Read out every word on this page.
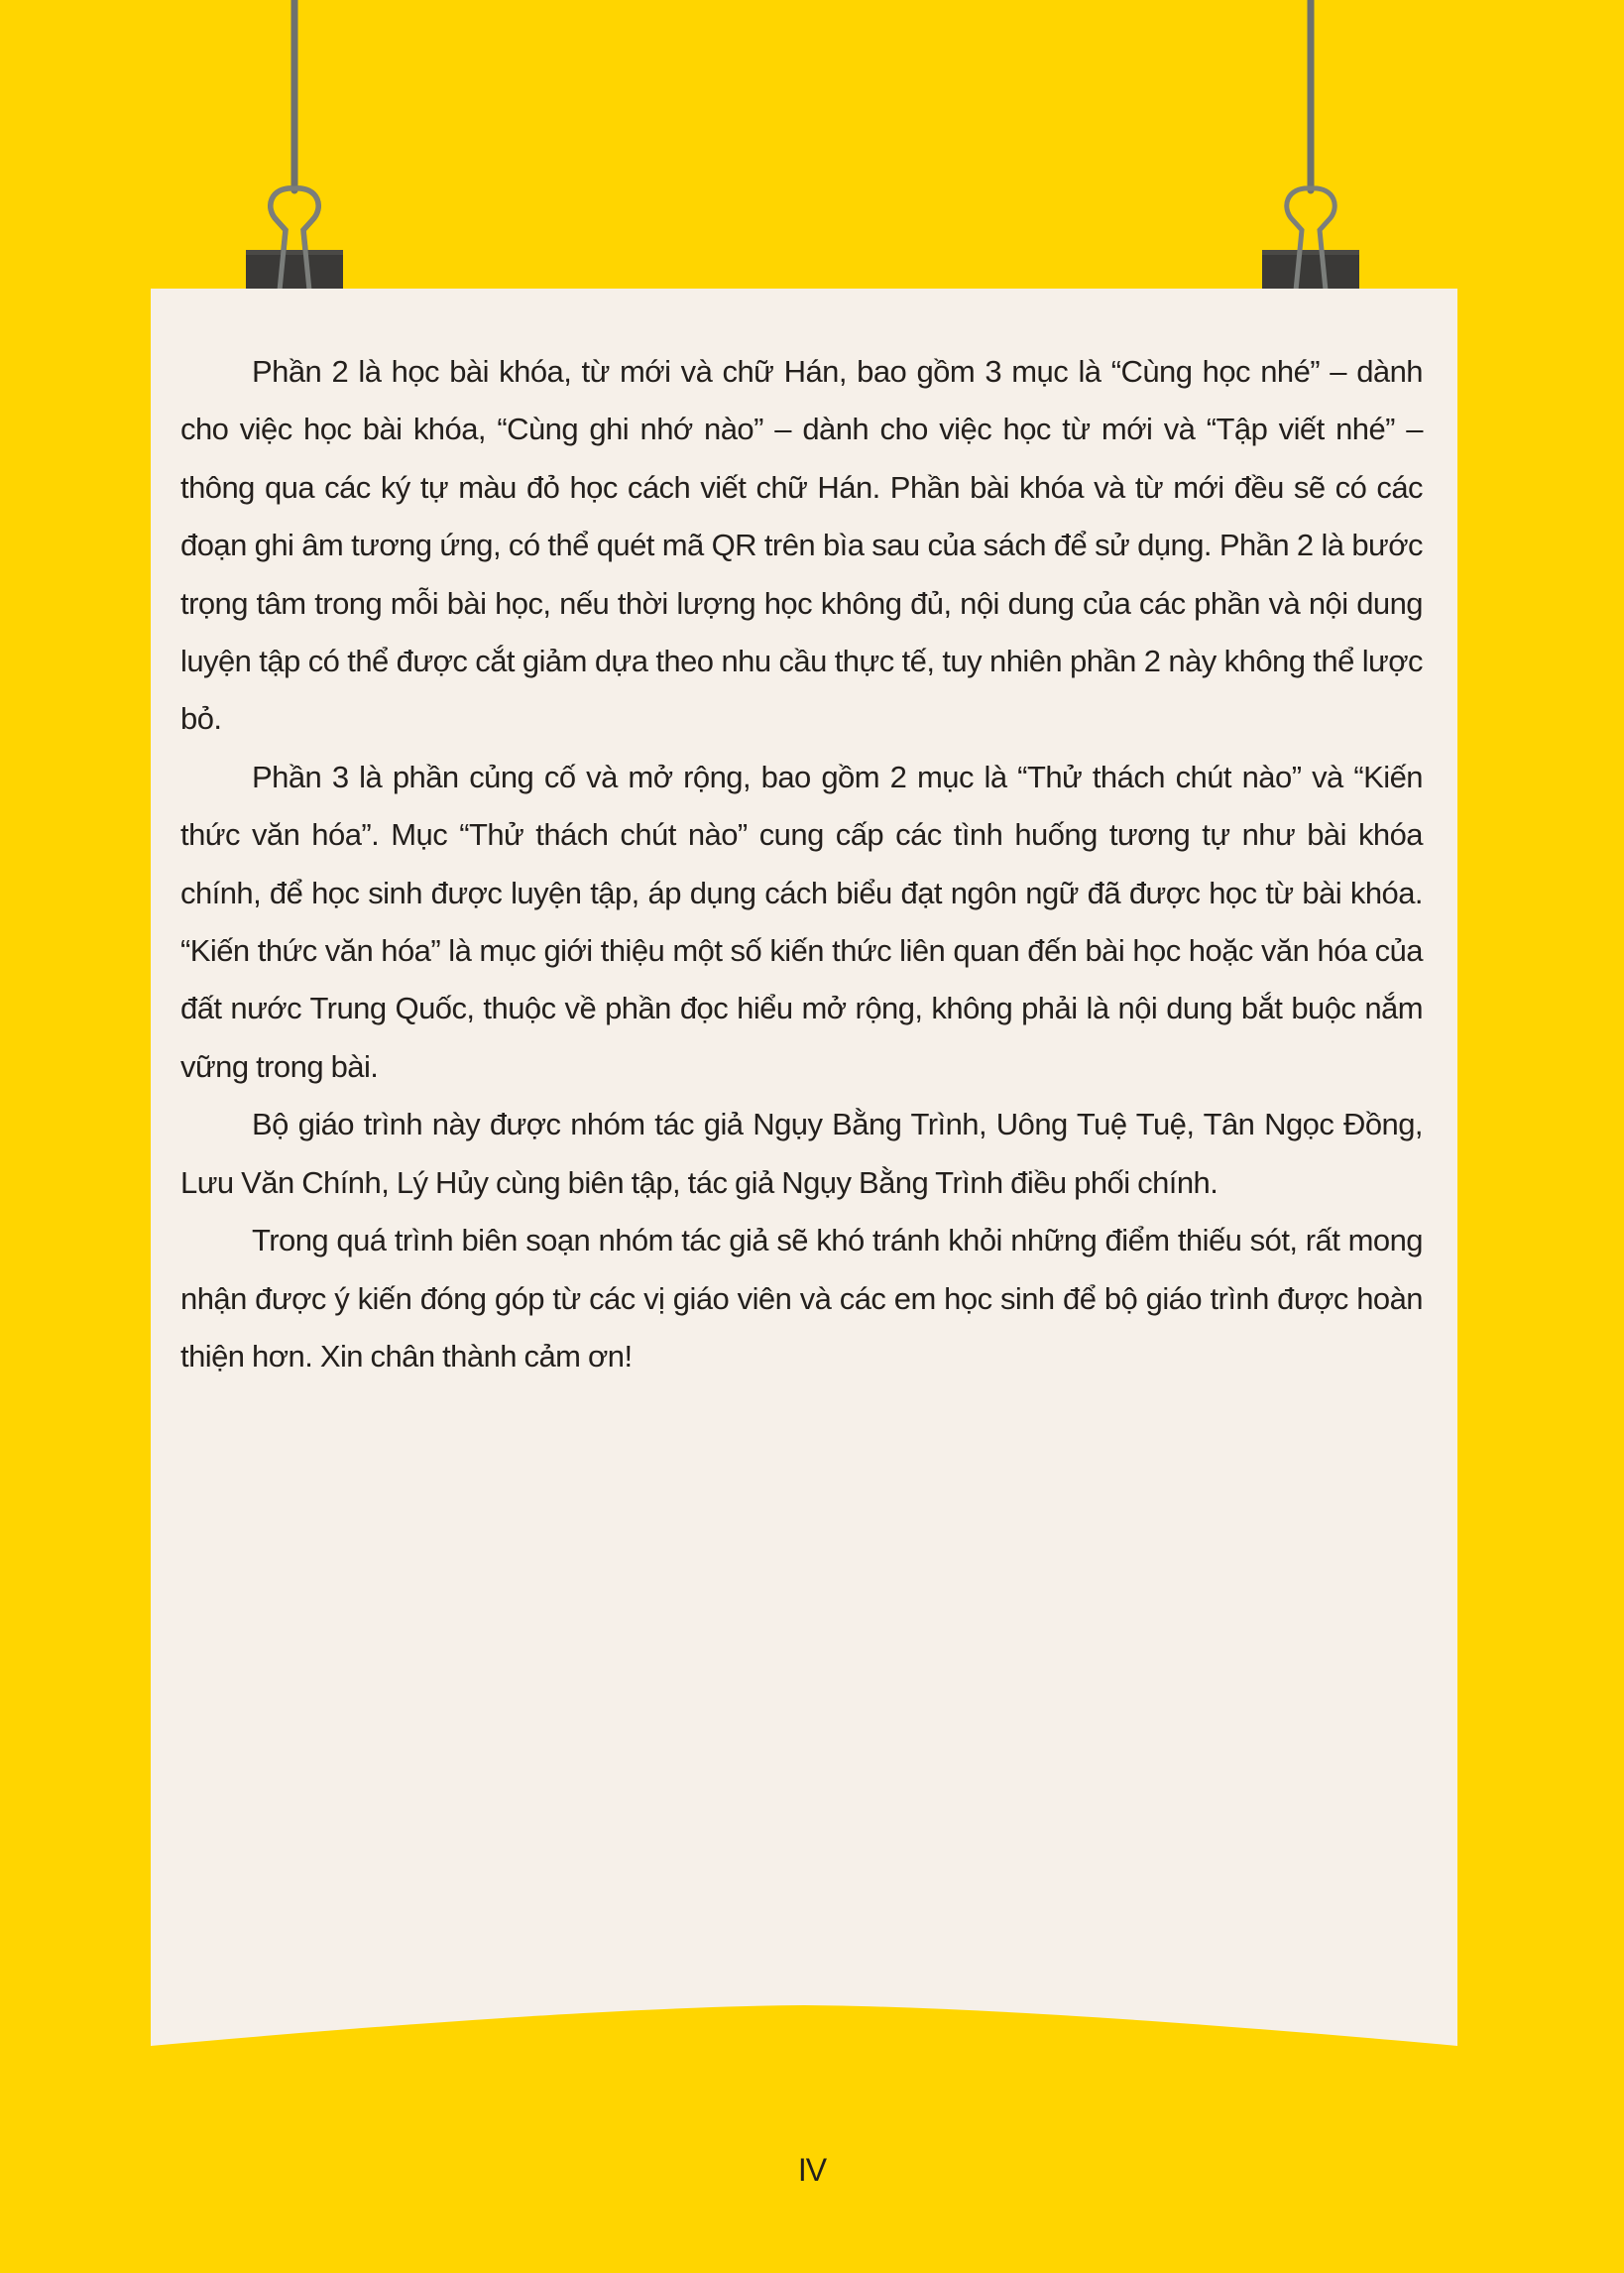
Phần 2 là học bài khóa, từ mới và chữ Hán, bao gồm 3 mục là “Cùng học nhé” – dành cho việc học bài khóa, “Cùng ghi nhớ nào” – dành cho việc học từ mới và “Tập viết nhé” – thông qua các ký tự màu đỏ học cách viết chữ Hán. Phần bài khóa và từ mới đều sẽ có các đoạn ghi âm tương ứng, có thể quét mã QR trên bìa sau của sách để sử dụng. Phần 2 là bước trọng tâm trong mỗi bài học, nếu thời lượng học không đủ, nội dung của các phần và nội dung luyện tập có thể được cắt giảm dựa theo nhu cầu thực tế, tuy nhiên phần 2 này không thể lược bỏ.

Phần 3 là phần củng cố và mở rộng, bao gồm 2 mục là “Thử thách chút nào” và “Kiến thức văn hóa”. Mục “Thử thách chút nào” cung cấp các tình huống tương tự như bài khóa chính, để học sinh được luyện tập, áp dụng cách biểu đạt ngôn ngữ đã được học từ bài khóa. “Kiến thức văn hóa” là mục giới thiệu một số kiến thức liên quan đến bài học hoặc văn hóa của đất nước Trung Quốc, thuộc về phần đọc hiểu mở rộng, không phải là nội dung bắt buộc nắm vững trong bài.

Bộ giáo trình này được nhóm tác giả Ngụy Bằng Trình, Uông Tuệ Tuệ, Tân Ngọc Đồng, Lưu Văn Chính, Lý Hủy cùng biên tập, tác giả Ngụy Bằng Trình điều phối chính.

Trong quá trình biên soạn nhóm tác giả sẽ khó tránh khỏi những điểm thiếu sót, rất mong nhận được ý kiến đóng góp từ các vị giáo viên và các em học sinh để bộ giáo trình được hoàn thiện hơn. Xin chân thành cảm ơn!

IV
